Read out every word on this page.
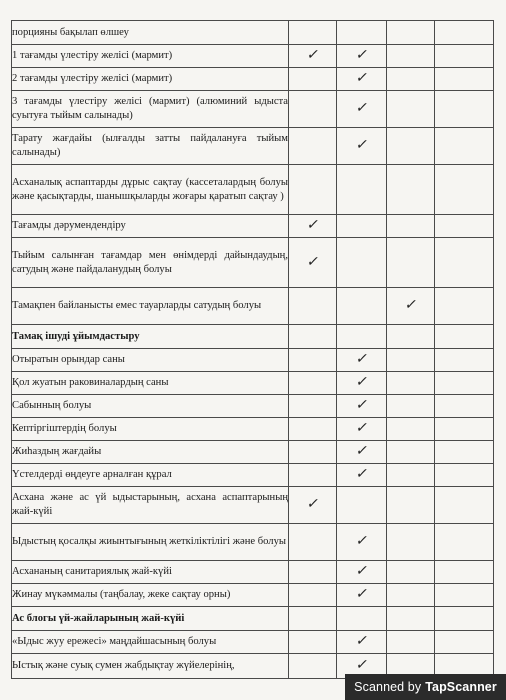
порцияны бақылап өлшеу				
1 тағамды үлестіру желісі (мармит)	✓	✓		
2 тағамды үлестіру желісі (мармит)		✓		
3 тағамды үлестіру желісі (мармит) (алюминий ыдыста суытуға тыйым салынады)		✓		
Тарату жағдайы (ылғалды затты пайдалануға тыйым салынады)		✓		
Асханалық аспаптарды дұрыс сақтау (кассеталардың болуы және қасықтарды, шанышқыларды жоғары қаратып сақтау )				
Тағамды дәрумендендіру	✓			
Тыйым салынған тағамдар мен өнімдерді дайындаудың, сатудың және пайдаланудың болуы	✓			
Тамақпен байланысты емес тауарларды сатудың болуы			✓	
Тамақ ішуді ұйымдастыру				
Отыратын орындар саны		✓		
Қол жуатын раковиналардың саны		✓		
Сабынның болуы		✓		
Кептіргіштердің болуы		✓		
Жиһаздың жағдайы		✓		
Үстелдерді өңдеуге арналған құрал		✓		
Асхана және ас үй ыдыстарының, асхана аспаптарының жай-күйі	✓			
Ыдыстың қосалқы жиынтығының жеткіліктілігі және болуы		✓		
Асхананың санитариялық жай-күйі		✓		
Жинау мүкәммалы (таңбалау, жеке сақтау орны)		✓		
Ас блогы үй-жайларының жай-күйі				
«Ыдыс жуу ережесі» маңдайшасының болуы		✓		
Ыстық және суық сумен жабдықтау жүйелерінің,		✓		
Scanned by TapScanner
